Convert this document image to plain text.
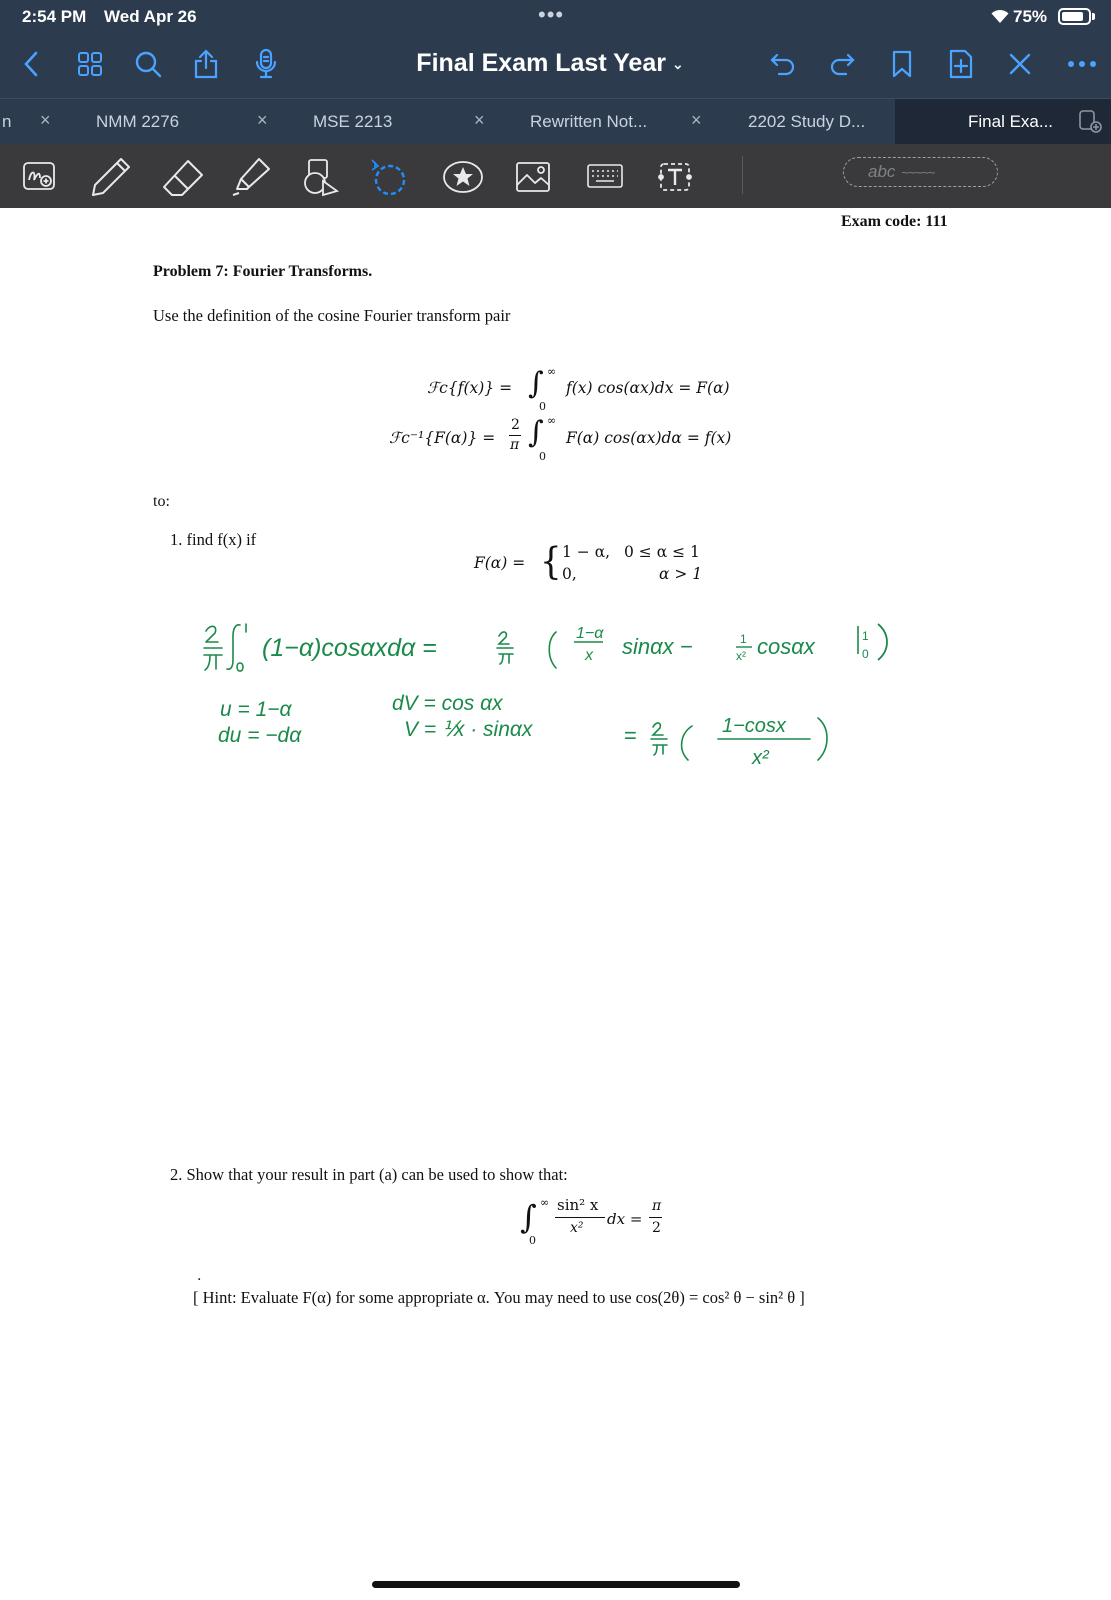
2:54 PM Wed Apr 26	•••	75%
Final Exam Last Year ⌄
n ×	NMM 2276	×	MSE 2213	×	Rewritten Not... ×	2202 Study D...	Final Exa...
abc ~~~~~
Exam code: 111
Problem 7: Fourier Transforms.
Use the definition of the cosine Fourier transform pair
ℱc{f(x)} = ∫ ∞
0
f(x) cos(αx)dx = F(α)
ℱc⁻¹{F(α)} =
2
π ∫ ∞
0
F(α) cos(αx)dα = f(x)
to:
1. find f(x) if
F(α) = { 1 − α, 0 ≤ α ≤ 1
0,	α > 1
(1−α)cosαxdα =
1−α
x sinαx −	1
x² cosαx	1
0
u = 1−α
du = −dα
dV = cos αx
V = ⅟x · sinαx	=	1−cosx
x²
2. Show that your result in part (a) can be used to show that:
∫ ∞
0
sin² x
x² dx =
π
2
.
[ Hint: Evaluate F(α) for some appropriate α. You may need to use cos(2θ) = cos² θ − sin² θ ]
